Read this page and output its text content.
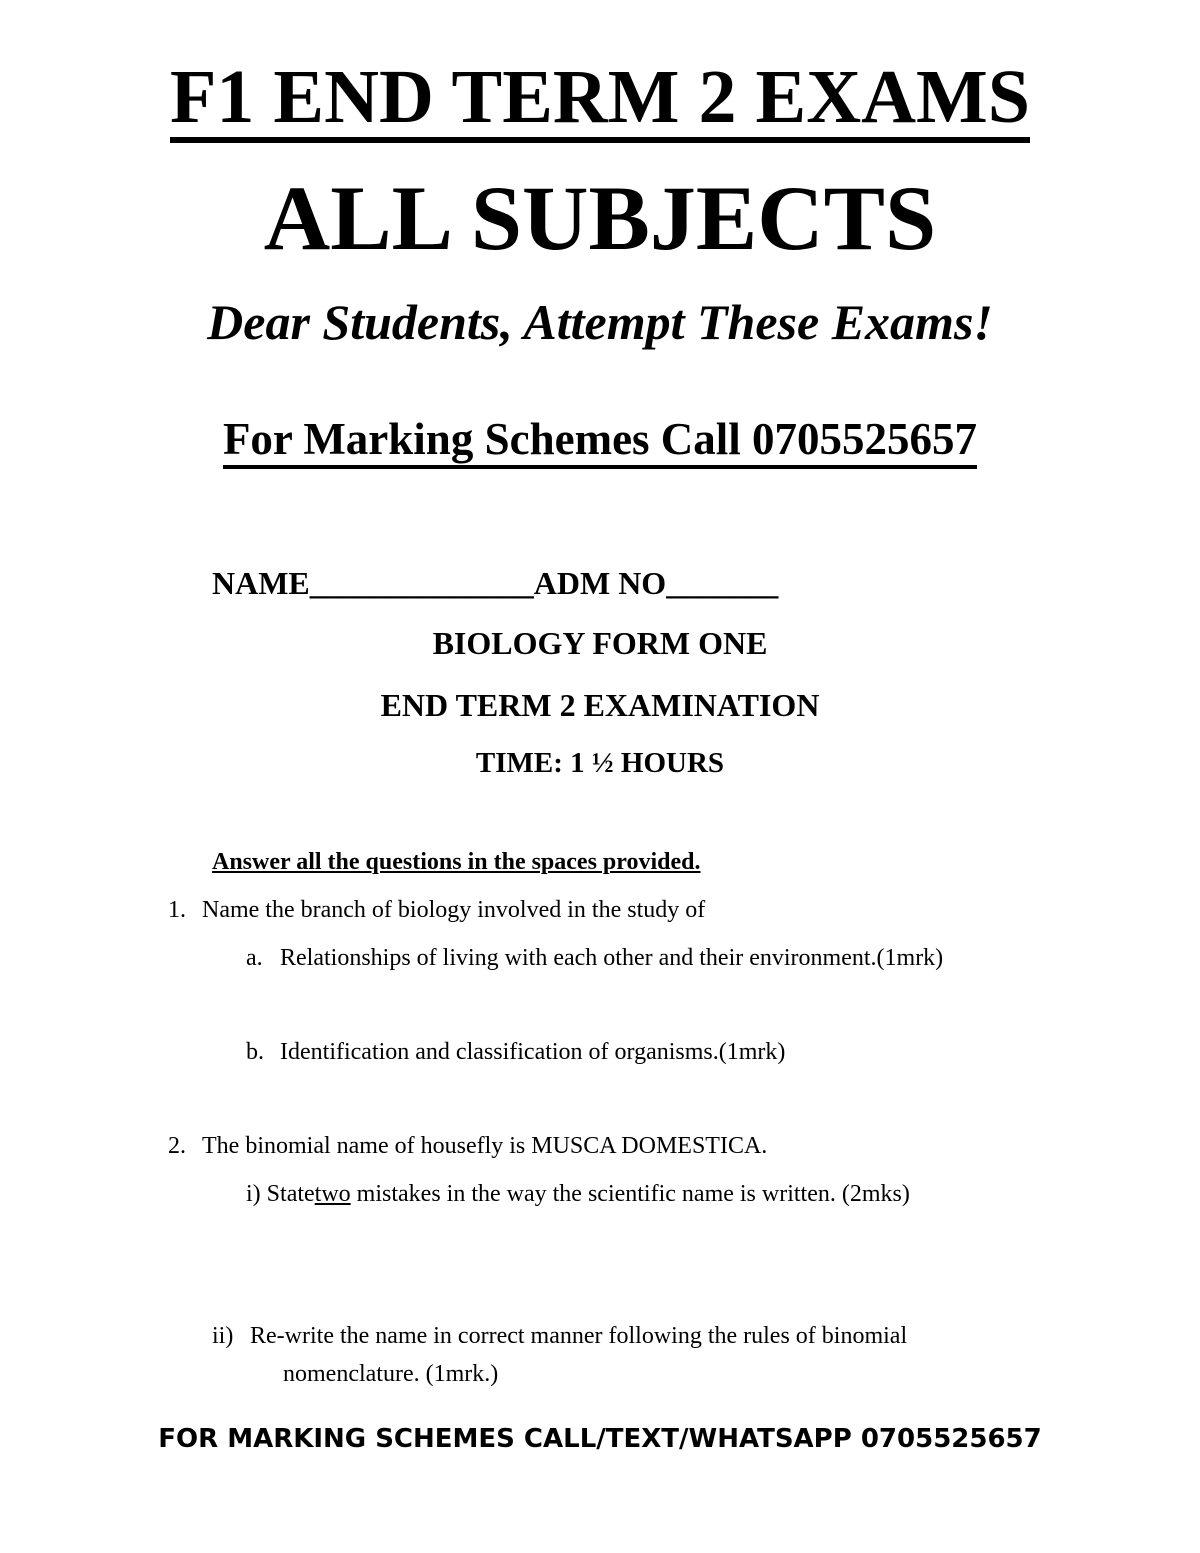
F1 END TERM 2 EXAMS
ALL SUBJECTS
Dear Students, Attempt These Exams!
For Marking Schemes Call 0705525657
NAME______________ADM NO_______
BIOLOGY FORM ONE
END TERM 2 EXAMINATION
TIME: 1 ½ HOURS
Answer all the questions in the spaces provided.
1. Name the branch of biology involved in the study of
a. Relationships of living with each other and their environment.(1mrk)
b. Identification and classification of organisms.(1mrk)
2. The binomial name of housefly is MUSCA DOMESTICA.
i) Statetwo mistakes in the way the scientific name is written. (2mks)
ii) Re-write the name in correct manner following the rules of binomial
nomenclature. (1mrk.)
FOR MARKING SCHEMES CALL/TEXT/WHATSAPP 0705525657
